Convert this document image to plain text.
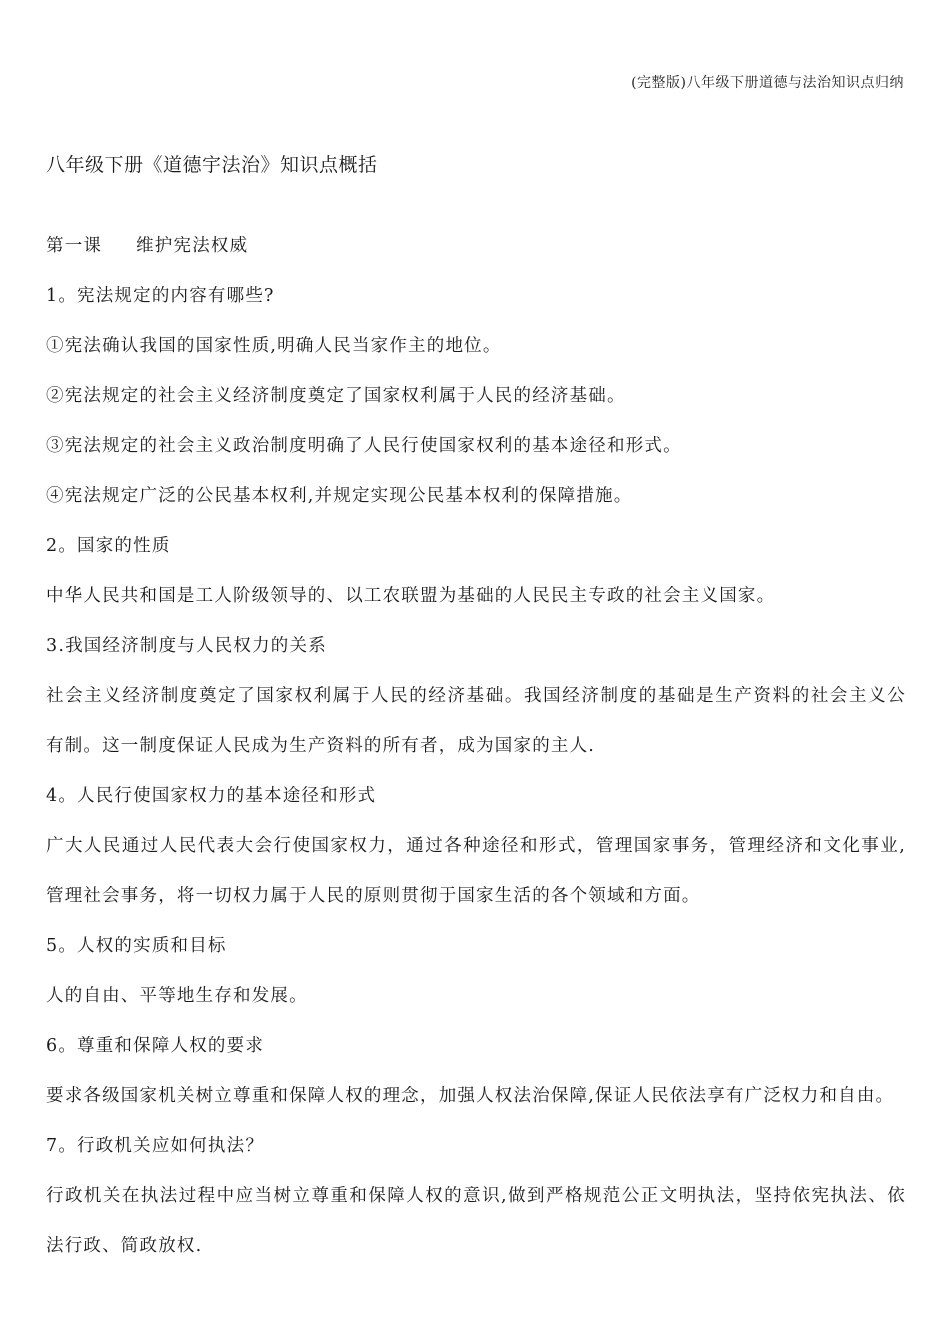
(完整版)八年级下册道德与法治知识点归纳
八年级下册《道德宇法治》知识点概括
第一课 维护宪法权威
1。宪法规定的内容有哪些?
①宪法确认我国的国家性质,明确人民当家作主的地位。
②宪法规定的社会主义经济制度奠定了国家权利属于人民的经济基础。
③宪法规定的社会主义政治制度明确了人民行使国家权利的基本途径和形式。
④宪法规定广泛的公民基本权利,并规定实现公民基本权利的保障措施。
2。国家的性质
中华人民共和国是工人阶级领导的、以工农联盟为基础的人民民主专政的社会主义国家。
3.我国经济制度与人民权力的关系
社会主义经济制度奠定了国家权利属于人民的经济基础。我国经济制度的基础是生产资料的社会主义公有制。这一制度保证人民成为生产资料的所有者，成为国家的主人.
4。人民行使国家权力的基本途径和形式
广大人民通过人民代表大会行使国家权力，通过各种途径和形式，管理国家事务，管理经济和文化事业,管理社会事务，将一切权力属于人民的原则贯彻于国家生活的各个领域和方面。
5。人权的实质和目标
人的自由、平等地生存和发展。
6。尊重和保障人权的要求
要求各级国家机关树立尊重和保障人权的理念，加强人权法治保障,保证人民依法享有广泛权力和自由。
7。行政机关应如何执法？
行政机关在执法过程中应当树立尊重和保障人权的意识,做到严格规范公正文明执法，坚持依宪执法、依法行政、简政放权.
